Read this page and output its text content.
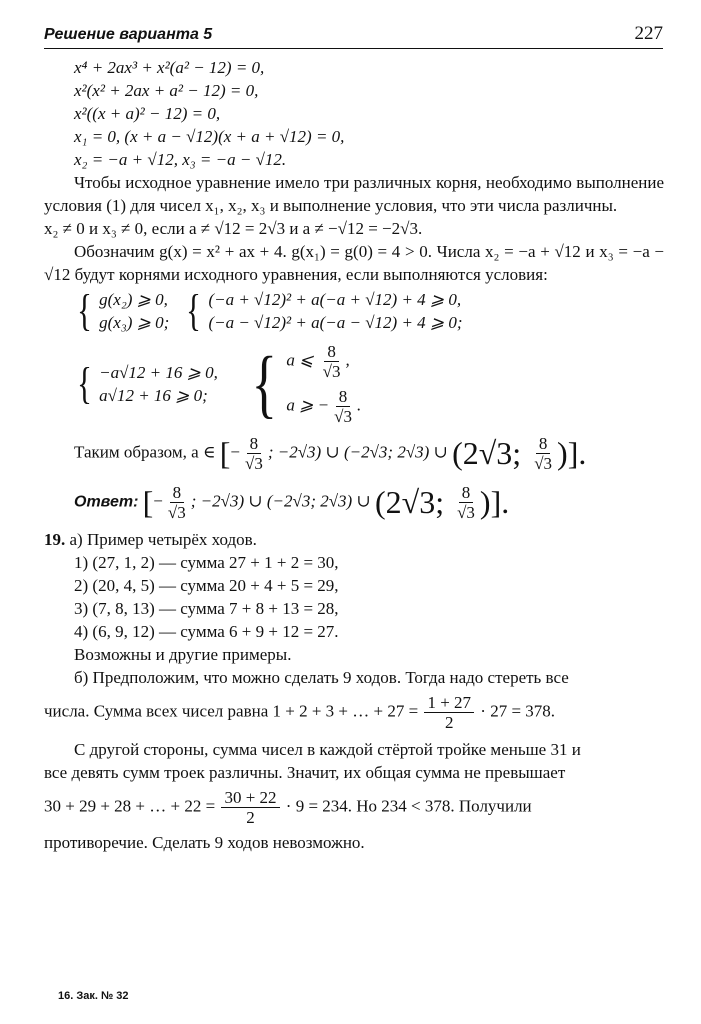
Решение варианта 5	227
x⁴ + 2ax³ + x²(a² − 12) = 0,
x²(x² + 2ax + a² − 12) = 0,
x²((x + a)² − 12) = 0,
x₁ = 0, (x + a − √12)(x + a + √12) = 0,
x₂ = −a + √12, x₃ = −a − √12.
Чтобы исходное уравнение имело три различных корня, необходимо выполнение условия (1) для чисел x₁, x₂, x₃ и выполнение условия, что эти числа различны.
x₂ ≠ 0 и x₃ ≠ 0, если a ≠ √12 = 2√3 и a ≠ −√12 = −2√3.
Обозначим g(x) = x² + ax + 4. g(x₁) = g(0) = 4 > 0. Числа x₂ = −a + √12 и x₃ = −a − √12 будут корнями исходного уравнения, если выполняются условия:
{ g(x₂) ⩾ 0,
g(x₃) ⩾ 0; { (−a + √12)² + a(−a + √12) + 4 ⩾ 0,
(−a − √12)² + a(−a − √12) + 4 ⩾ 0;
{ −a√12 + 16 ⩾ 0,
a√12 + 16 ⩾ 0; { a ⩽ $\frac{8}{√3}$ ,
a ⩾ − $\frac{8}{√3}$ .
Таким образом, a ∈ [− $\frac{8}{√3}$ ; −2√3) ∪ (−2√3; 2√3) ∪ (2√3; $\frac{8}{√3}$ )].
Ответ: [− $\frac{8}{√3}$ ; −2√3) ∪ (−2√3; 2√3) ∪ (2√3; $\frac{8}{√3}$ )].
19. а) Пример четырёх ходов.
1) (27, 1, 2) — сумма 27 + 1 + 2 = 30,
2) (20, 4, 5) — сумма 20 + 4 + 5 = 29,
3) (7, 8, 13) — сумма 7 + 8 + 13 = 28,
4) (6, 9, 12) — сумма 6 + 9 + 12 = 27.
Возможны и другие примеры.
б) Предположим, что можно сделать 9 ходов. Тогда надо стереть все
числа. Сумма всех чисел равна 1 + 2 + 3 + … + $27 = \frac{1 + 27}{2} \cdot 27 = 378$.
С другой стороны, сумма чисел в каждой стёртой тройке меньше 31 и
все девять сумм троек различны. Значит, их общая сумма не превышает
30 + 29 + 28 + … + $22 = \frac{30 + 22}{2} \cdot 9 = 234$. Но 234 < 378. Получили
противоречие. Сделать 9 ходов невозможно.
16. Зак. № 32
